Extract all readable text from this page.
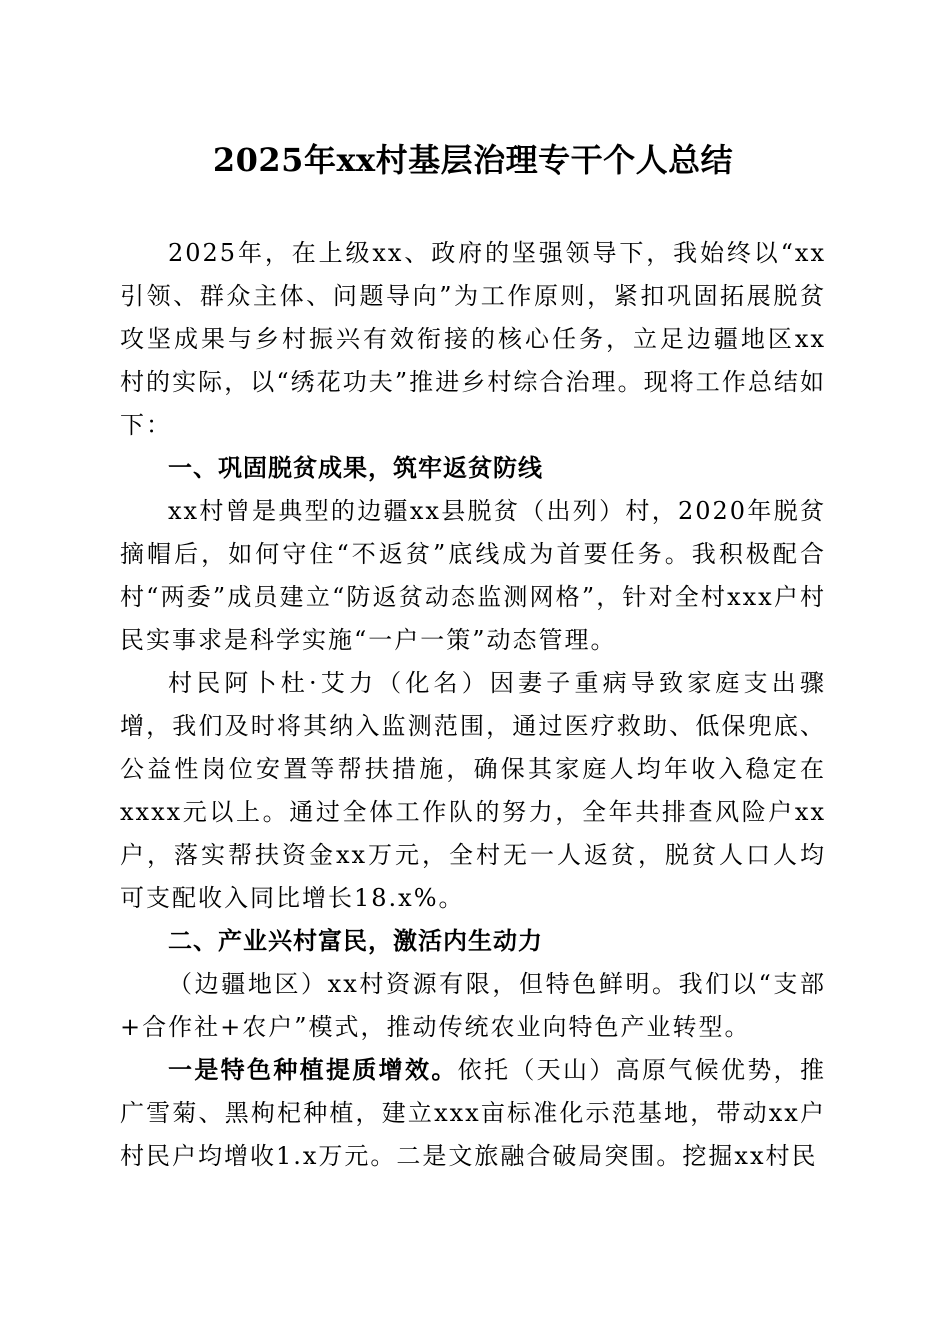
2025年xx村基层治理专干个人总结

2025年，在上级xx、政府的坚强领导下，我始终以“xx引领、群众主体、问题导向”为工作原则，紧扣巩固拓展脱贫攻坚成果与乡村振兴有效衔接的核心任务，立足边疆地区xx村的实际，以“绣花功夫”推进乡村综合治理。现将工作总结如下：

一、巩固脱贫成果，筑牢返贫防线

xx村曾是典型的边疆xx县脱贫（出列）村，2020年脱贫摘帽后，如何守住“不返贫”底线成为首要任务。我积极配合村“两委”成员建立“防返贫动态监测网格”，针对全村xxx户村民实事求是科学实施“一户一策”动态管理。

村民阿卜杜·艾力（化名）因妻子重病导致家庭支出骤增，我们及时将其纳入监测范围，通过医疗救助、低保兜底、公益性岗位安置等帮扶措施，确保其家庭人均年收入稳定在xxxx元以上。通过全体工作队的努力，全年共排查风险户xx户，落实帮扶资金xx万元，全村无一人返贫，脱贫人口人均可支配收入同比增长18.x%。

二、产业兴村富民，激活内生动力

（边疆地区）xx村资源有限，但特色鲜明。我们以“支部+合作社+农户”模式，推动传统农业向特色产业转型。

一是特色种植提质增效。依托（天山）高原气候优势，推广雪菊、黑枸杞种植，建立xxx亩标准化示范基地，带动xx户村民户均增收1.x万元。二是文旅融合破局突围。挖掘xx村民
